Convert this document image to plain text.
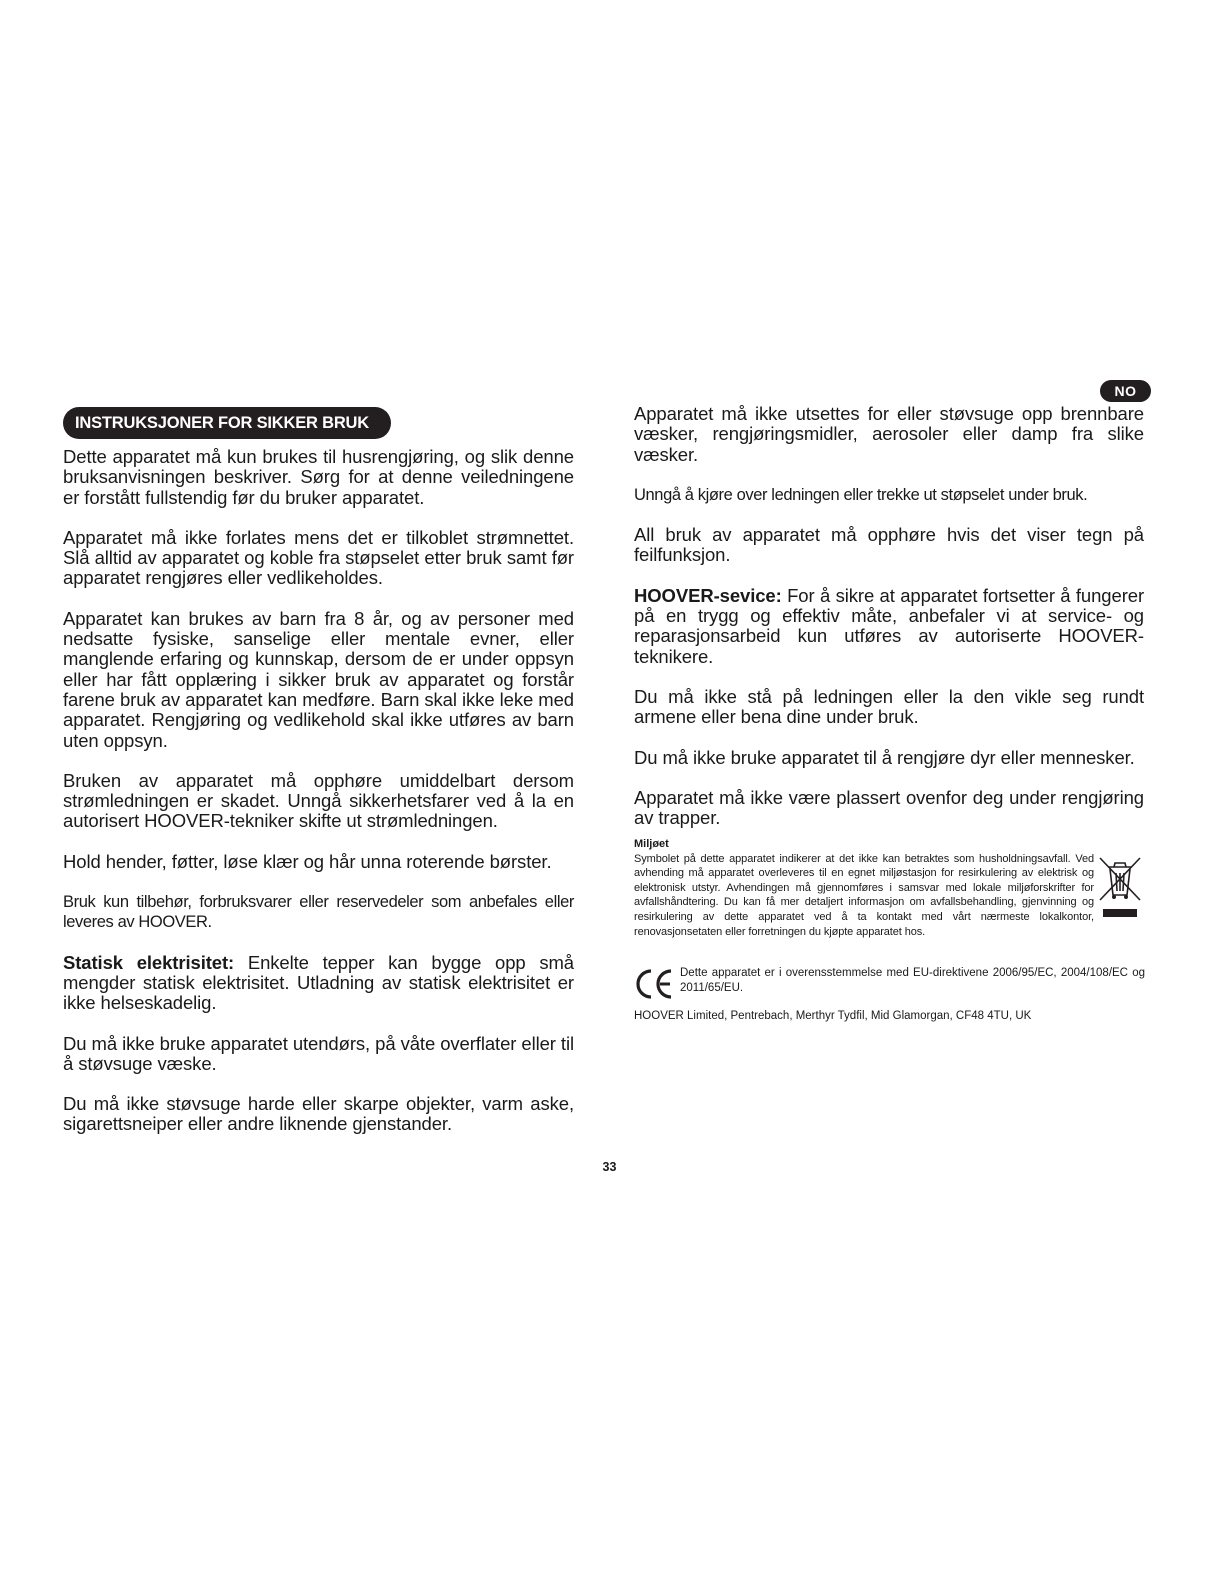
NO
INSTRUKSJONER FOR SIKKER BRUK

Dette apparatet må kun brukes til husrengjøring, og slik denne bruksanvisningen beskriver. Sørg for at denne veiledningene er forstått fullstendig før du bruker apparatet.

Apparatet må ikke forlates mens det er tilkoblet strømnettet. Slå alltid av apparatet og koble fra støpselet etter bruk samt før apparatet rengjøres eller vedlikeholdes.

Apparatet kan brukes av barn fra 8 år, og av personer med nedsatte fysiske, sanselige eller mentale evner, eller manglende erfaring og kunnskap, dersom de er under oppsyn eller har fått opplæring i sikker bruk av apparatet og forstår farene bruk av apparatet kan medføre. Barn skal ikke leke med apparatet. Rengjøring og vedlikehold skal ikke utføres av barn uten oppsyn.

Bruken av apparatet må opphøre umiddelbart dersom strømledningen er skadet. Unngå sikkerhetsfarer ved å la en autorisert HOOVER-tekniker skifte ut strømledningen.

Hold hender, føtter, løse klær og hår unna roterende børster.

Bruk kun tilbehør, forbruksvarer eller reservedeler som anbefales eller leveres av HOOVER.

Statisk elektrisitet: Enkelte tepper kan bygge opp små mengder statisk elektrisitet. Utladning av statisk elektrisitet er ikke helseskadelig.

Du må ikke bruke apparatet utendørs, på våte overflater eller til å støvsuge væske.

Du må ikke støvsuge harde eller skarpe objekter, varm aske, sigarettsneiper eller andre liknende gjenstander.

Apparatet må ikke utsettes for eller støvsuge opp brennbare væsker, rengjøringsmidler, aerosoler eller damp fra slike væsker.

Unngå å kjøre over ledningen eller trekke ut støpselet under bruk.

All bruk av apparatet må opphøre hvis det viser tegn på feilfunksjon.

HOOVER-sevice: For å sikre at apparatet fortsetter å fungerer på en trygg og effektiv måte, anbefaler vi at service- og reparasjonsarbeid kun utføres av autoriserte HOOVER-teknikere.

Du må ikke stå på ledningen eller la den vikle seg rundt armene eller bena dine under bruk.

Du må ikke bruke apparatet til å rengjøre dyr eller mennesker.

Apparatet må ikke være plassert ovenfor deg under rengjøring av trapper.

Miljøet

Symbolet på dette apparatet indikerer at det ikke kan betraktes som husholdningsavfall. Ved avhending må apparatet overleveres til en egnet miljøstasjon for resirkulering av elektrisk og elektronisk utstyr. Avhendingen må gjennomføres i samsvar med lokale miljøforskrifter for avfallshåndtering. Du kan få mer detaljert informasjon om avfallsbehandling, gjenvinning og resirkulering av dette apparatet ved å ta kontakt med vårt nærmeste lokalkontor, renovasjonsetaten eller forretningen du kjøpte apparatet hos.

Dette apparatet er i overensstemmelse med EU-direktivene 2006/95/EC, 2004/108/EC og 2011/65/EU.
HOOVER Limited, Pentrebach, Merthyr Tydfil, Mid Glamorgan, CF48 4TU, UK
33
